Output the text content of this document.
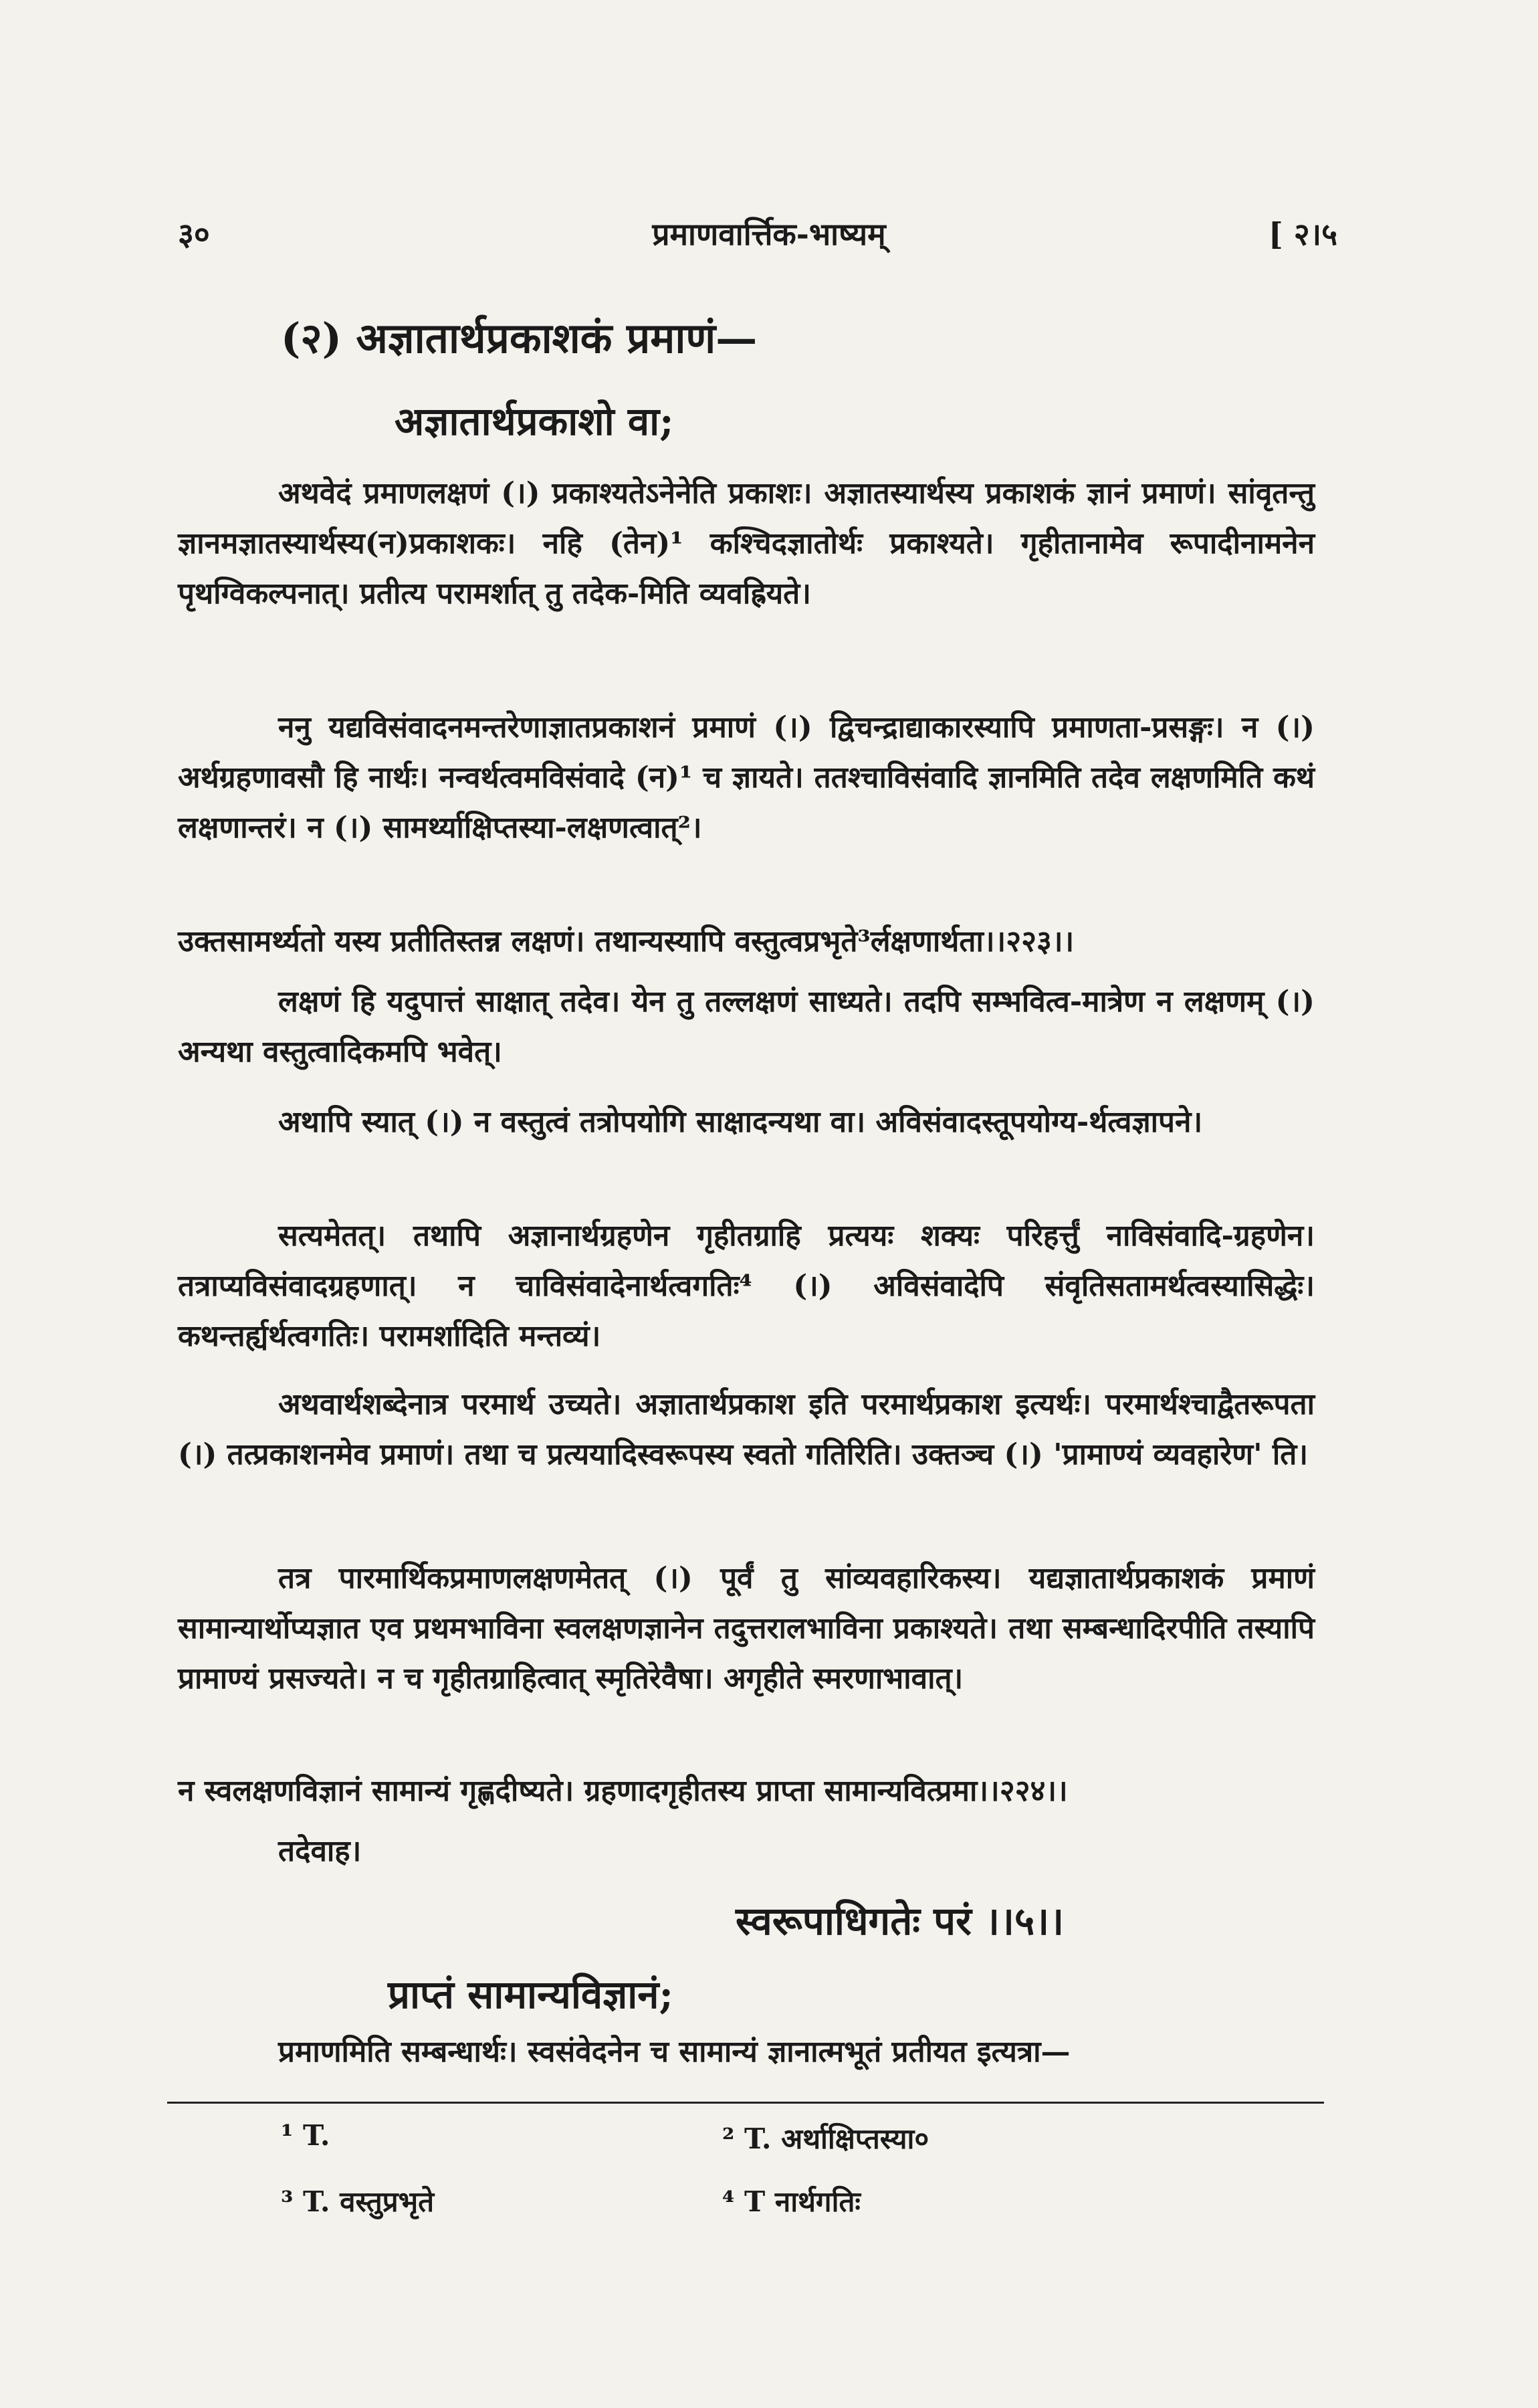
३०	प्रमाणवार्त्तिक-भाष्यम्	[ २।५
(२) अज्ञातार्थप्रकाशकं प्रमाणं—
अज्ञातार्थप्रकाशो वा;
अथवेदं प्रमाणलक्षणं (।) प्रकाश्यतेऽनेनेति प्रकाशः। अज्ञातस्यार्थस्य प्रकाशकं ज्ञानं प्रमाणं। सांवृतन्तु ज्ञानमज्ञातस्यार्थस्य(न)प्रकाशकः। नहि (तेन)¹ कश्चिदज्ञातोर्थः प्रकाश्यते। गृहीतानामेव रूपादीनामनेन पृथग्विकल्पनात्। प्रतीत्य परामर्शात् तु तदेक-मिति व्यवह्रियते।
ननु यद्यविसंवादनमन्तरेणाज्ञातप्रकाशनं प्रमाणं (।) द्विचन्द्राद्याकारस्यापि प्रमाणता-प्रसङ्गः। न (।) अर्थग्रहणावसौ हि नार्थः। नन्वर्थत्वमविसंवादे (न)¹ च ज्ञायते। ततश्चाविसंवादि ज्ञानमिति तदेव लक्षणमिति कथं लक्षणान्तरं। न (।) सामर्थ्याक्षिप्तस्या-लक्षणत्वात्²।
उक्तसामर्थ्यतो यस्य प्रतीतिस्तन्न लक्षणं। तथान्यस्यापि वस्तुत्वप्रभृते³र्लक्षणार्थता।।२२३।।
लक्षणं हि यदुपात्तं साक्षात् तदेव। येन तु तल्लक्षणं साध्यते। तदपि सम्भवित्व-मात्रेण न लक्षणम् (।) अन्यथा वस्तुत्वादिकमपि भवेत्।
अथापि स्यात् (।) न वस्तुत्वं तत्रोपयोगि साक्षादन्यथा वा। अविसंवादस्तूपयोग्य-र्थत्वज्ञापने।
सत्यमेतत्। तथापि अज्ञानार्थग्रहणेन गृहीतग्राहि प्रत्ययः शक्यः परिहर्त्तुं नाविसंवादि-ग्रहणेन। तत्राप्यविसंवादग्रहणात्। न चाविसंवादेनार्थत्वगतिः⁴ (।) अविसंवादेपि संवृतिसतामर्थत्वस्यासिद्धेः। कथन्तर्ह्यर्थत्वगतिः। परामर्शादिति मन्तव्यं।
अथवार्थशब्देनात्र परमार्थ उच्यते। अज्ञातार्थप्रकाश इति परमार्थप्रकाश इत्यर्थः। परमार्थश्चाद्वैतरूपता (।) तत्प्रकाशनमेव प्रमाणं। तथा च प्रत्ययादिस्वरूपस्य स्वतो गतिरिति। उक्तञ्च (।) 'प्रामाण्यं व्यवहारेण' ति।
तत्र पारमार्थिकप्रमाणलक्षणमेतत् (।) पूर्वं तु सांव्यवहारिकस्य। यद्यज्ञातार्थप्रकाशकं प्रमाणं सामान्यार्थोप्यज्ञात एव प्रथमभाविना स्वलक्षणज्ञानेन तदुत्तरालभाविना प्रकाश्यते। तथा सम्बन्धादिरपीति तस्यापि प्रामाण्यं प्रसज्यते। न च गृहीतग्राहित्वात् स्मृतिरेवैषा। अगृहीते स्मरणाभावात्।
न स्वलक्षणविज्ञानं सामान्यं गृह्णदीष्यते। ग्रहणादगृहीतस्य प्राप्ता सामान्यवित्प्रमा।।२२४।।
तदेवाह।
स्वरूपाधिगतेः परं ।।५।।
प्राप्तं सामान्यविज्ञानं;
प्रमाणमिति सम्बन्धार्थः। स्वसंवेदनेन च सामान्यं ज्ञानात्मभूतं प्रतीयत इत्यत्रा—
¹ T.	² T. अर्थाक्षिप्तस्या०
³ T. वस्तुप्रभृते	⁴ T नार्थगतिः
